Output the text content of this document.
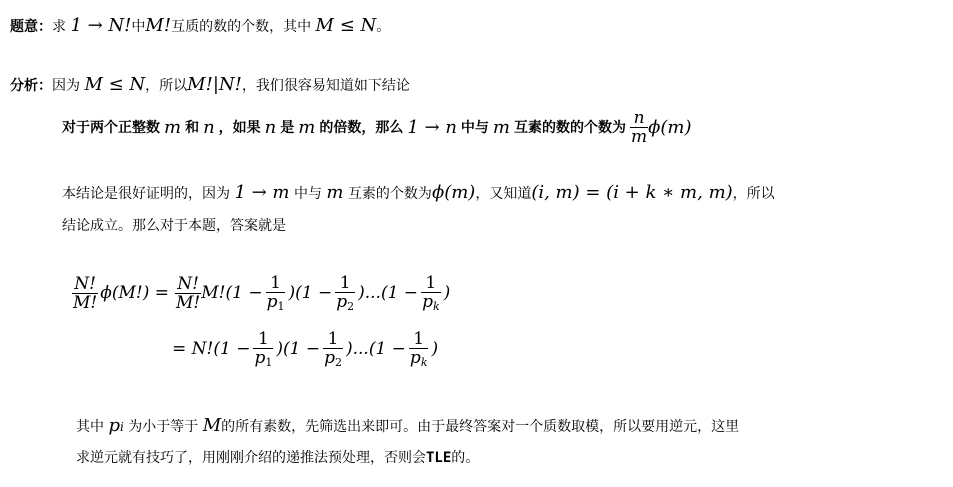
题意：求 1 → N!中M!互质的数的个数，其中 M ≤ N。
分析：因为 M ≤ N，所以M!|N!，我们很容易知道如下结论
对于两个正整数 m 和 n ，如果 n 是 m 的倍数，那么 1 → n 中与 m 互素的数的个数为 $\frac{n}{m} \phi(m)$
本结论是很好证明的，因为 1 → m 中与 m 互素的个数为ϕ(m)，又知道(i, m) = (i + k ∗ m, m)，所以
结论成立。那么对于本题，答案就是
$\frac{N!}{M!} \phi(M!) = \frac{N!}{M!} M!(1 - \frac{1}{p1} )(1 - \frac{1}{p2} )...(1 - \frac{1}{pk}$ )
= $N!(1 - \frac{1}{p1} )(1 - \frac{1}{p2} )...(1 - \frac{1}{pk}$ )
其中 pi 为小于等于 M的所有素数，先筛选出来即可。由于最终答案对一个质数取模，所以要用逆元，这里
求逆元就有技巧了，用刚刚介绍的递推法预处理，否则会TLE的。
